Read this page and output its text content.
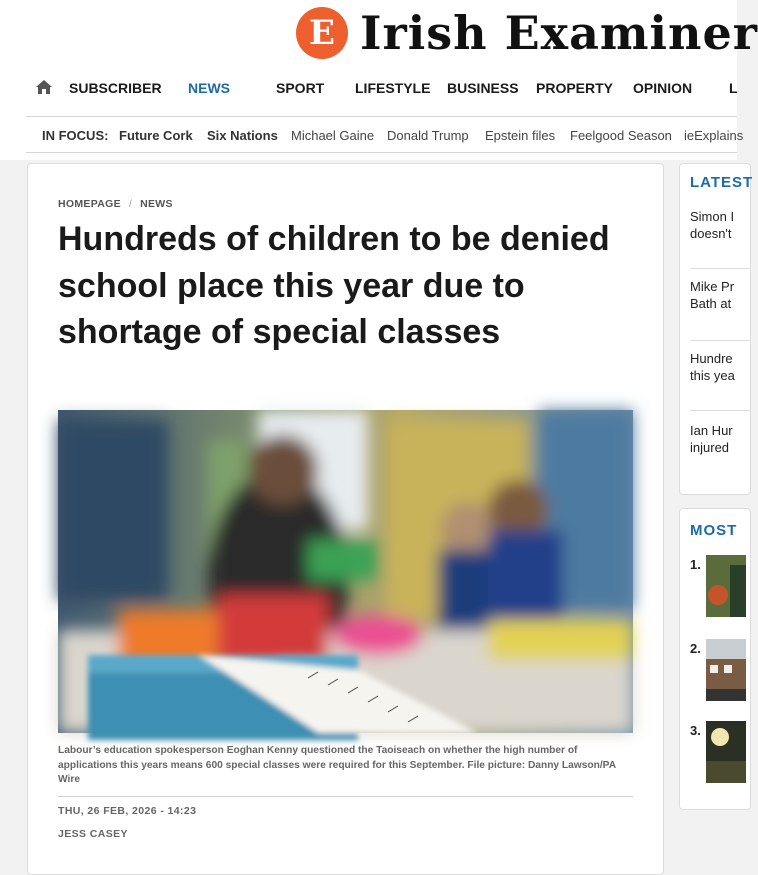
E Irish Examiner
SUBSCRIBER NEWS	SPORT LIFESTYLE BUSINESS PROPERTY OPINION	L
IN FOCUS: Future Cork Six Nations Michael Gaine Donald Trump Epstein files Feelgood Season ieExplains
HOMEPAGE / NEWS
Hundreds of children to be denied school place this year due to shortage of special classes
Labour’s education spokesperson Eoghan Kenny questioned the Taoiseach on whether the high number of applications this years means 600 special classes were required for this September. File picture: Danny Lawson/PA Wire
THU, 26 FEB, 2026 - 14:23
JESS CASEY
LATEST
Simon I
doesn't
Mike Pr
Bath at
Hundre
this yea
Ian Hur
injured
MOST
1.
2.
3.
